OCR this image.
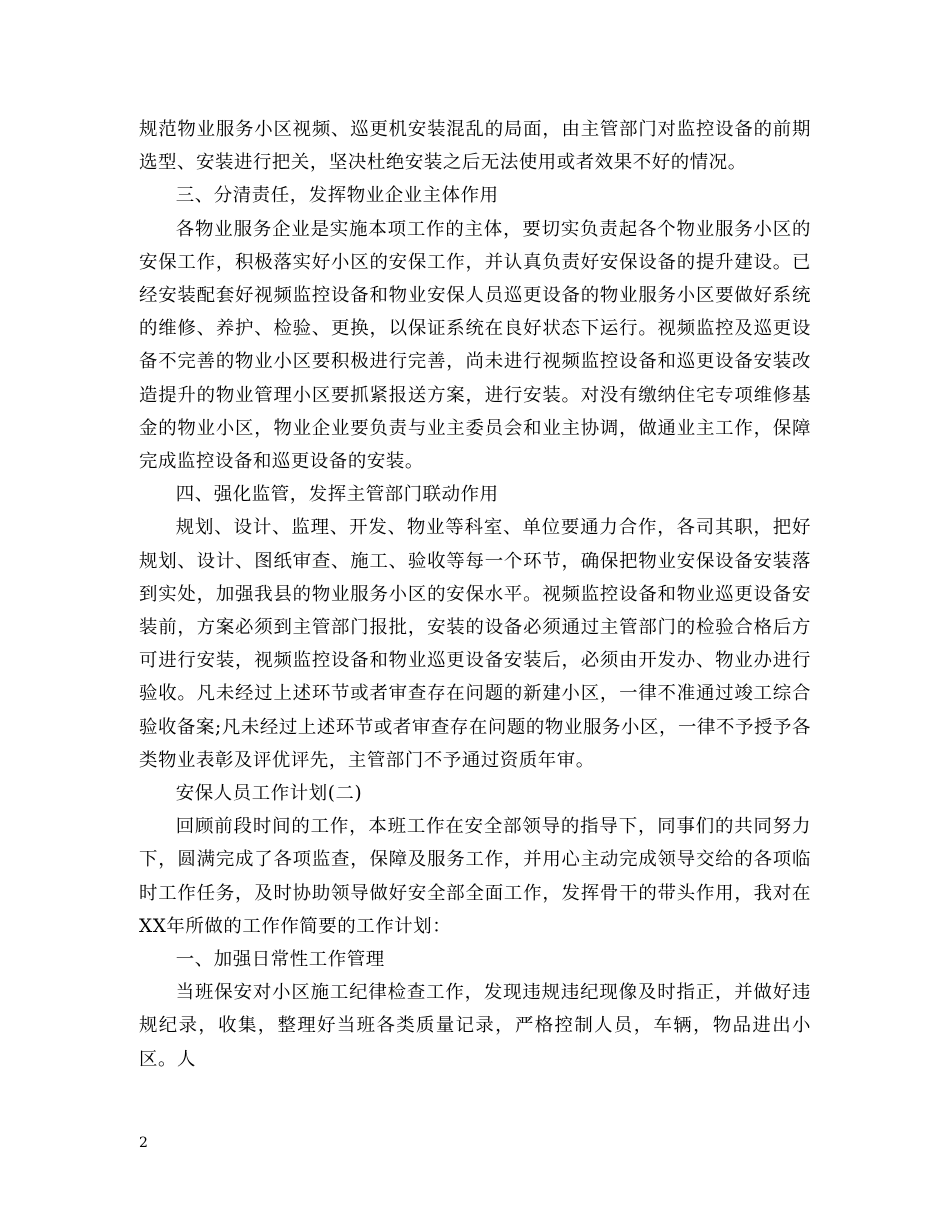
规范物业服务小区视频、巡更机安装混乱的局面，由主管部门对监控设备的前期选型、安装进行把关，坚决杜绝安装之后无法使用或者效果不好的情况。

三、分清责任，发挥物业企业主体作用

各物业服务企业是实施本项工作的主体，要切实负责起各个物业服务小区的安保工作，积极落实好小区的安保工作，并认真负责好安保设备的提升建设。已经安装配套好视频监控设备和物业安保人员巡更设备的物业服务小区要做好系统的维修、养护、检验、更换，以保证系统在良好状态下运行。视频监控及巡更设备不完善的物业小区要积极进行完善，尚未进行视频监控设备和巡更设备安装改造提升的物业管理小区要抓紧报送方案，进行安装。对没有缴纳住宅专项维修基金的物业小区，物业企业要负责与业主委员会和业主协调，做通业主工作，保障完成监控设备和巡更设备的安装。

四、强化监管，发挥主管部门联动作用

规划、设计、监理、开发、物业等科室、单位要通力合作，各司其职，把好规划、设计、图纸审查、施工、验收等每一个环节，确保把物业安保设备安装落到实处，加强我县的物业服务小区的安保水平。视频监控设备和物业巡更设备安装前，方案必须到主管部门报批，安装的设备必须通过主管部门的检验合格后方可进行安装，视频监控设备和物业巡更设备安装后，必须由开发办、物业办进行验收。凡未经过上述环节或者审查存在问题的新建小区，一律不准通过竣工综合验收备案;凡未经过上述环节或者审查存在问题的物业服务小区，一律不予授予各类物业表彰及评优评先，主管部门不予通过资质年审。

安保人员工作计划(二)

回顾前段时间的工作，本班工作在安全部领导的指导下，同事们的共同努力下，圆满完成了各项监查，保障及服务工作，并用心主动完成领导交给的各项临时工作任务，及时协助领导做好安全部全面工作，发挥骨干的带头作用，我对在XX年所做的工作作简要的工作计划：

一、加强日常性工作管理

当班保安对小区施工纪律检查工作，发现违规违纪现像及时指正，并做好违规纪录，收集，整理好当班各类质量记录，严格控制人员，车辆，物品进出小区。人

2
